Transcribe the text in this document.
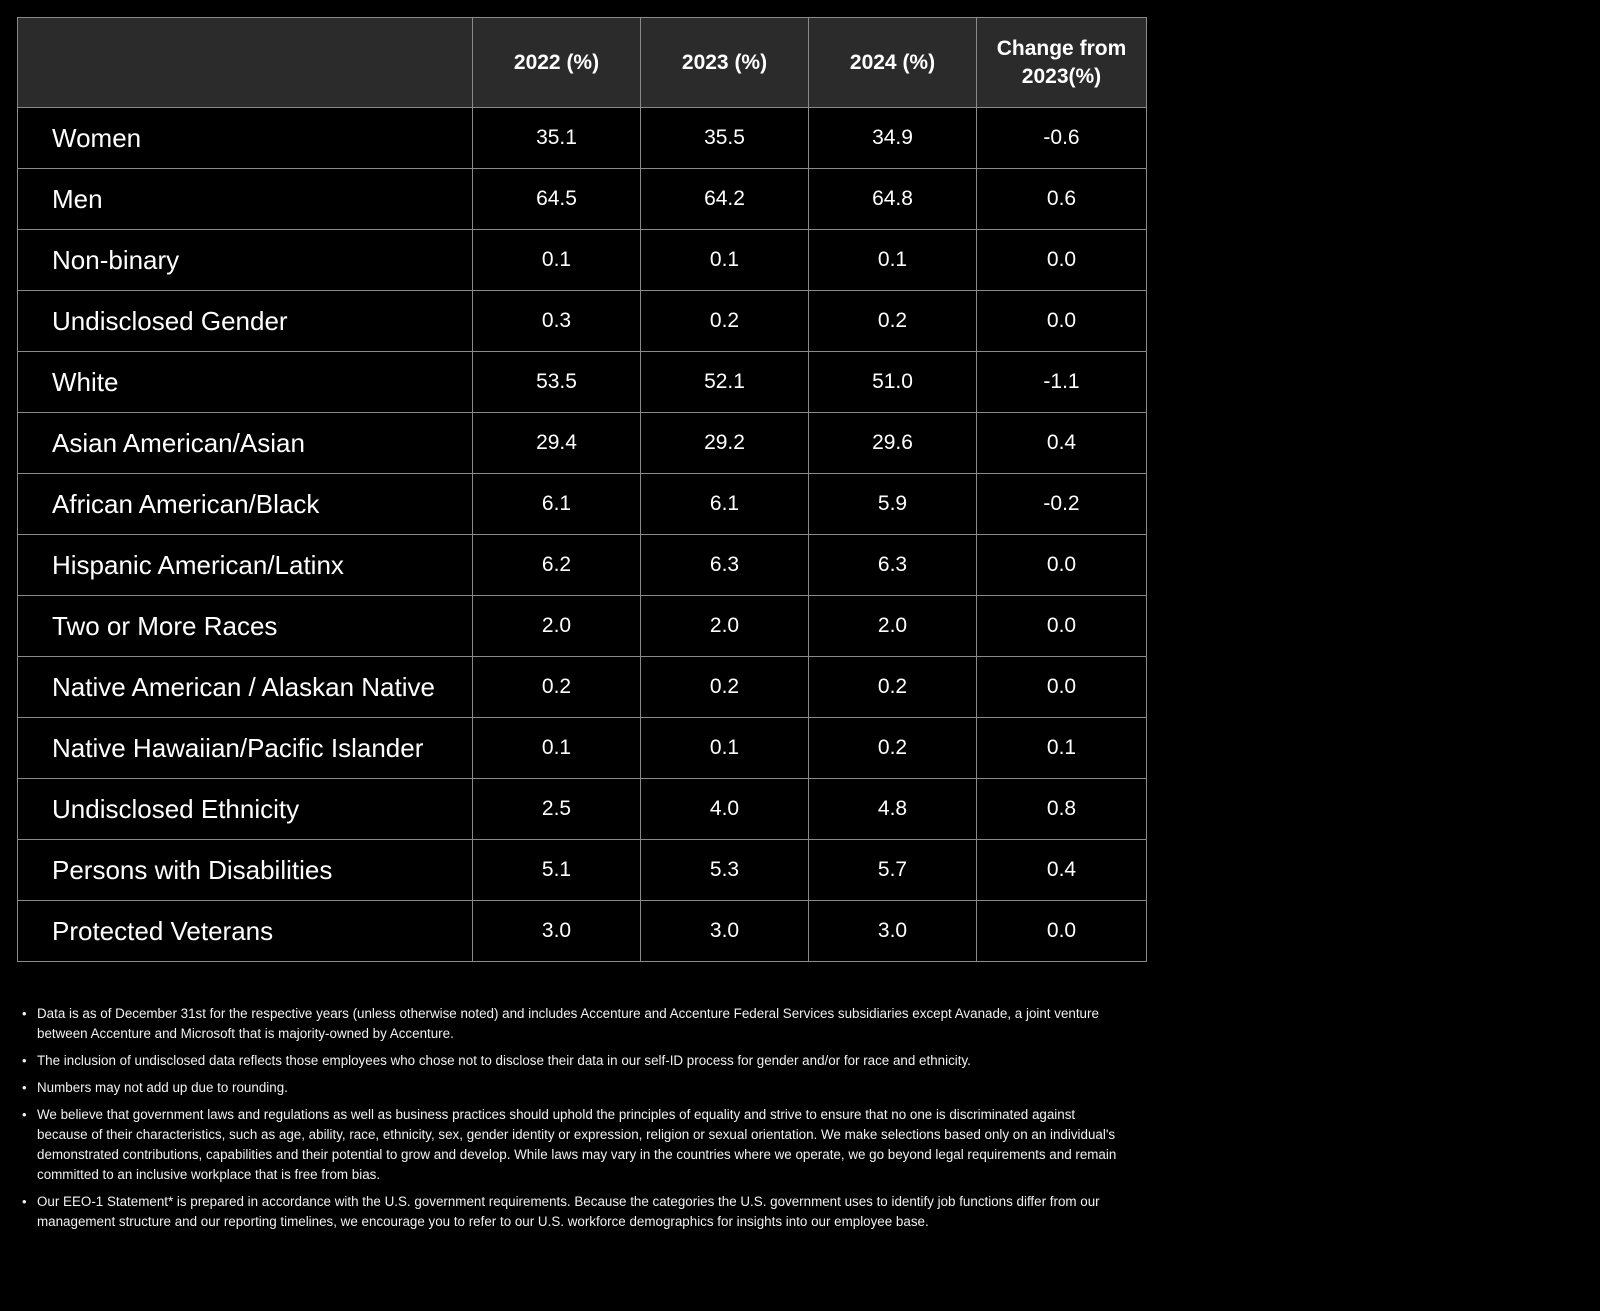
	2022 (%)	2023 (%)	2024 (%)	Change from
2023(%)
Women	35.1	35.5	34.9	-0.6
Men	64.5	64.2	64.8	0.6
Non-binary	0.1	0.1	0.1	0.0
Undisclosed Gender	0.3	0.2	0.2	0.0
White	53.5	52.1	51.0	-1.1
Asian American/Asian	29.4	29.2	29.6	0.4
African American/Black	6.1	6.1	5.9	-0.2
Hispanic American/Latinx	6.2	6.3	6.3	0.0
Two or More Races	2.0	2.0	2.0	0.0
Native American / Alaskan Native	0.2	0.2	0.2	0.0
Native Hawaiian/Pacific Islander	0.1	0.1	0.2	0.1
Undisclosed Ethnicity	2.5	4.0	4.8	0.8
Persons with Disabilities	5.1	5.3	5.7	0.4
Protected Veterans	3.0	3.0	3.0	0.0
• Data is as of December 31st for the respective years (unless otherwise noted) and includes Accenture and Accenture Federal Services subsidiaries except Avanade, a joint venture between Accenture and Microsoft that is majority-owned by Accenture.
• The inclusion of undisclosed data reflects those employees who chose not to disclose their data in our self-ID process for gender and/or for race and ethnicity.
• Numbers may not add up due to rounding.
• We believe that government laws and regulations as well as business practices should uphold the principles of equality and strive to ensure that no one is discriminated against because of their characteristics, such as age, ability, race, ethnicity, sex, gender identity or expression, religion or sexual orientation. We make selections based only on an individual's demonstrated contributions, capabilities and their potential to grow and develop. While laws may vary in the countries where we operate, we go beyond legal requirements and remain committed to an inclusive workplace that is free from bias.
• Our EEO-1 Statement* is prepared in accordance with the U.S. government requirements. Because the categories the U.S. government uses to identify job functions differ from our management structure and our reporting timelines, we encourage you to refer to our U.S. workforce demographics for insights into our employee base.
